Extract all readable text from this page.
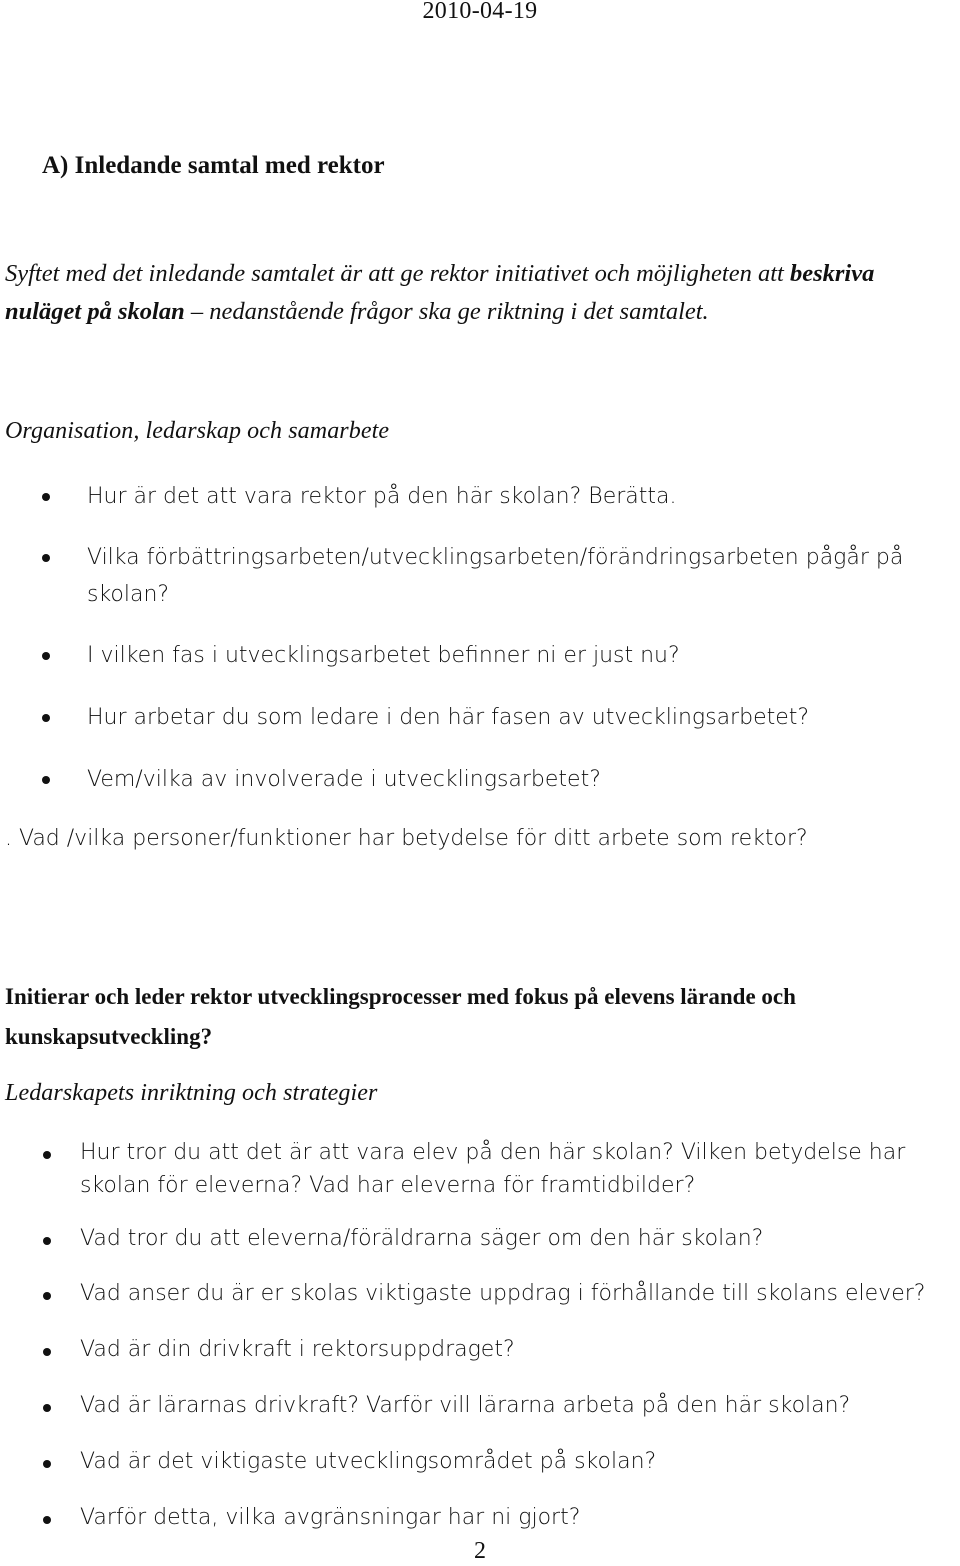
2010-04-19
A) Inledande samtal med rektor

Syftet med det inledande samtalet är att ge rektor initiativet och möjligheten att beskriva nuläget på skolan – nedanstående frågor ska ge riktning i det samtalet.

Organisation, ledarskap och samarbete
Hur är det att vara rektor på den här skolan? Berätta.
Vilka förbättringsarbeten/utvecklingsarbeten/förändringsarbeten pågår på skolan?
I vilken fas i utvecklingsarbetet befinner ni er just nu?
Hur arbetar du som ledare i den här fasen av utvecklingsarbetet?
Vem/vilka av involverade i utvecklingsarbetet?
. Vad /vilka personer/funktioner har betydelse för ditt arbete som rektor?
Initierar och leder rektor utvecklingsprocesser med fokus på elevens lärande och kunskapsutveckling?
Ledarskapets inriktning och strategier
Hur tror du att det är att vara elev på den här skolan? Vilken betydelse har skolan för eleverna? Vad har eleverna för framtidbilder?
Vad tror du att eleverna/föräldrarna säger om den här skolan?
Vad anser du är er skolas viktigaste uppdrag i förhållande till skolans elever?
Vad är din drivkraft i rektorsuppdraget?
Vad är lärarnas drivkraft? Varför vill lärarna arbeta på den här skolan?
Vad är det viktigaste utvecklingsområdet på skolan?
Varför detta, vilka avgränsningar har ni gjort?
2
